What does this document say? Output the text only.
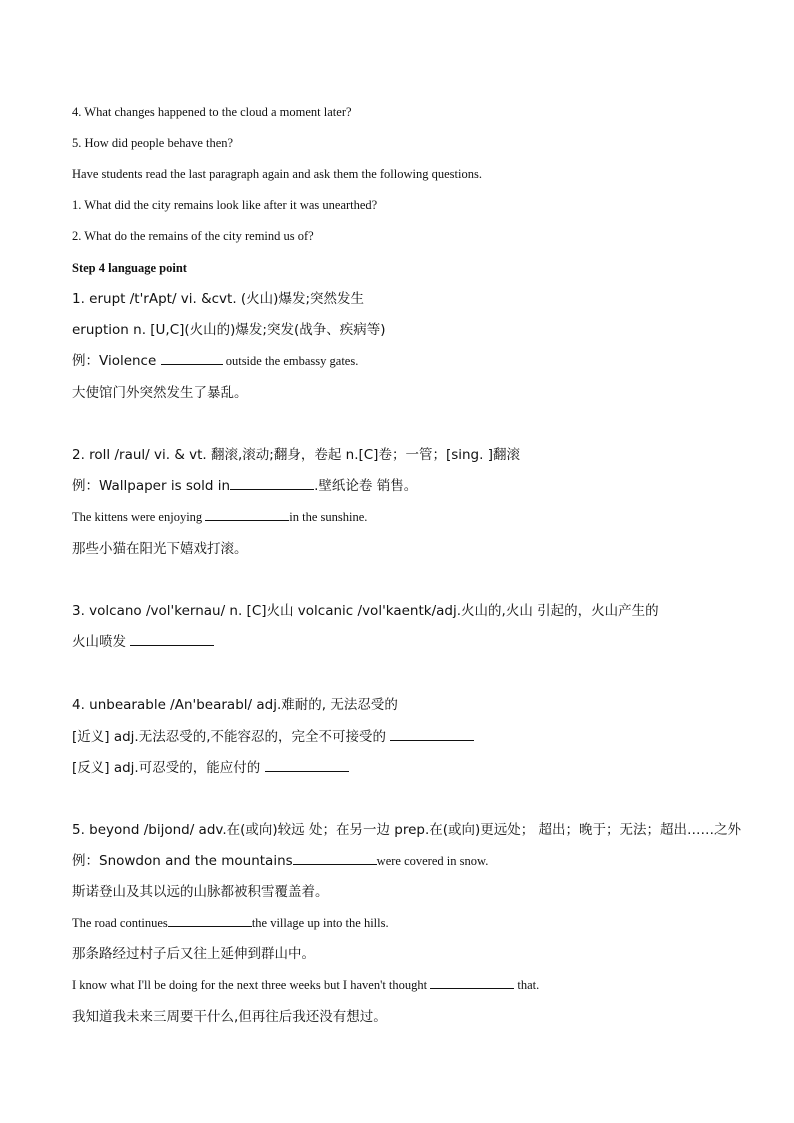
4. What changes happened to the cloud a moment later?
5. How did people behave then?
Have students read the last paragraph again and ask them the following questions.
1. What did the city remains look like after it was unearthed?
2. What do the remains of the city remind us of?
Step 4 language point
1. erupt /t'rApt/ vi. &cvt. (火山)爆发;突然发生
eruption n. [U,C](火山的)爆发;突发(战争、疾病等)
例：Violence	outside the embassy gates.
大使馆门外突然发生了暴乱。
2. roll /raul/ vi. & vt. 翻滚,滚动;翻身，卷起 n.[C]卷；一管；[sing. ]翻滚
例：Wallpaper is sold in	.壁纸论卷 销售。
The kittens were enjoying	in the sunshine.
那些小猫在阳光下嬉戏打滚。
3. volcano /vol'kernau/ n. [C]火山 volcanic /vol'kaentk/adj.火山的,火山 引起的，火山产生的
火山喷发
4. unbearable /An'bearabl/ adj.难耐的, 无法忍受的
[近义] adj.无法忍受的,不能容忍的，完全不可接受的
[反义] adj.可忍受的，能应付的
5. beyond /bijond/ adv.在(或向)较远 处；在另一边 prep.在(或向)更远处； 超出；晚于；无法；超出……之外
例：Snowdon and the mountains	were covered in snow.
斯诺登山及其以远的山脉都被积雪覆盖着。
The road continues	the village up into the hills.
那条路经过村子后又往上延伸到群山中。
I know what I'll be doing for the next three weeks but I haven't thought	that.
我知道我未来三周要干什么,但再往后我还没有想过。
